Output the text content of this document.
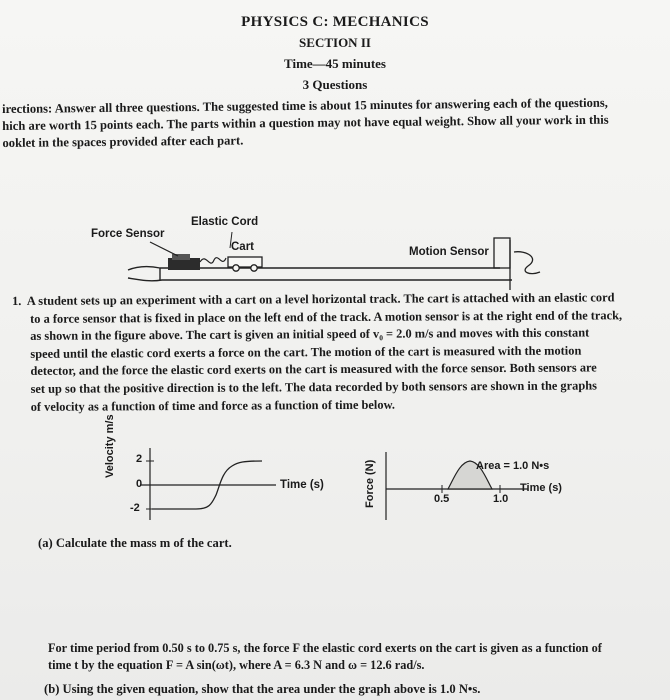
PHYSICS C: MECHANICS
SECTION II
Time—45 minutes
3 Questions
irections: Answer all three questions. The suggested time is about 15 minutes for answering each of the questions,
hich are worth 15 points each. The parts within a question may not have equal weight. Show all your work in this
ooklet in the spaces provided after each part.
Elastic Cord
Force Sensor
Cart	Motion Sensor
1. A student sets up an experiment with a cart on a level horizontal track. The cart is attached with an elastic cord
to a force sensor that is fixed in place on the left end of the track. A motion sensor is at the right end of the track,
as shown in the figure above. The cart is given an initial speed of v₀ = 2.0 m/s and moves with this constant
speed until the elastic cord exerts a force on the cart. The motion of the cart is measured with the motion
detector, and the force the elastic cord exerts on the cart is measured with the force sensor. Both sensors are
set up so that the positive direction is to the left. The data recorded by both sensors are shown in the graphs
of velocity as a function of time and force as a function of time below.
Velocity m/s 2
0
-2
Time (s)	Force (N)	Area = 1.0 N•s
Time (s)
0.5	1.0
(a) Calculate the mass m of the cart.
For time period from 0.50 s to 0.75 s, the force F the elastic cord exerts on the cart is given as a function of
time t by the equation F = A sin(ωt), where A = 6.3 N and ω = 12.6 rad/s.
(b) Using the given equation, show that the area under the graph above is 1.0 N•s.
